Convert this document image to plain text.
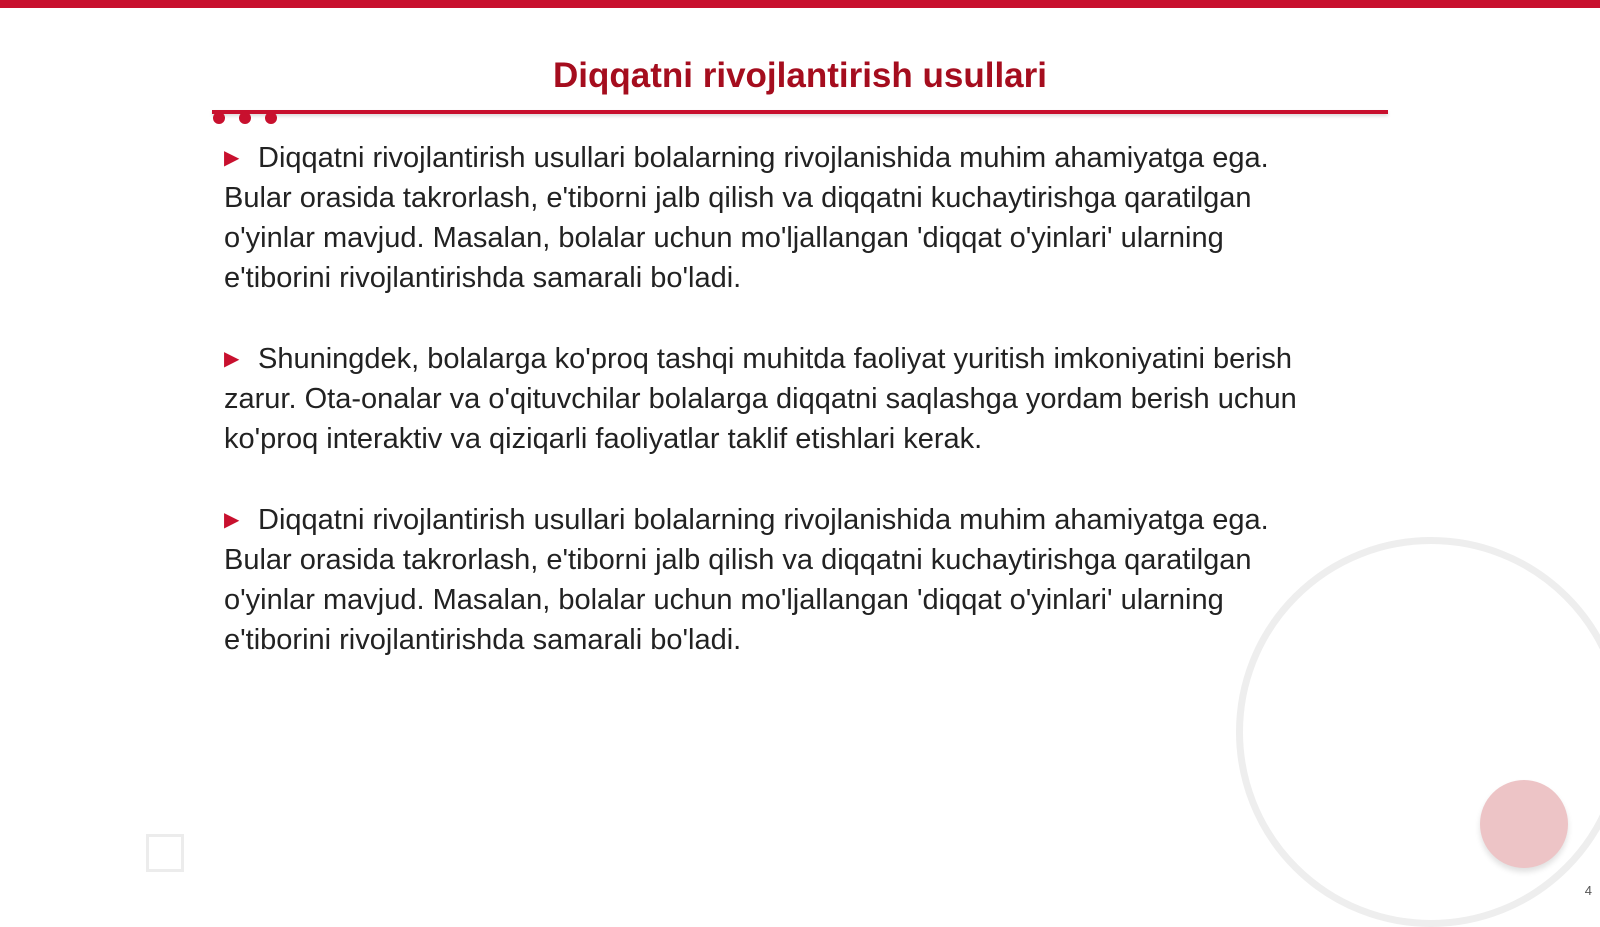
Diqqatni rivojlantirish usullari
▶ Diqqatni rivojlantirish usullari bolalarning rivojlanishida muhim ahamiyatga ega.
Bular orasida takrorlash, e'tiborni jalb qilish va diqqatni kuchaytirishga qaratilgan
o'yinlar mavjud. Masalan, bolalar uchun mo'ljallangan 'diqqat o'yinlari' ularning
e'tiborini rivojlantirishda samarali bo'ladi.
▶ Shuningdek, bolalarga ko'proq tashqi muhitda faoliyat yuritish imkoniyatini berish
zarur. Ota-onalar va o'qituvchilar bolalarga diqqatni saqlashga yordam berish uchun
ko'proq interaktiv va qiziqarli faoliyatlar taklif etishlari kerak.
▶ Diqqatni rivojlantirish usullari bolalarning rivojlanishida muhim ahamiyatga ega.
Bular orasida takrorlash, e'tiborni jalb qilish va diqqatni kuchaytirishga qaratilgan
o'yinlar mavjud. Masalan, bolalar uchun mo'ljallangan 'diqqat o'yinlari' ularning
e'tiborini rivojlantirishda samarali bo'ladi.
4
